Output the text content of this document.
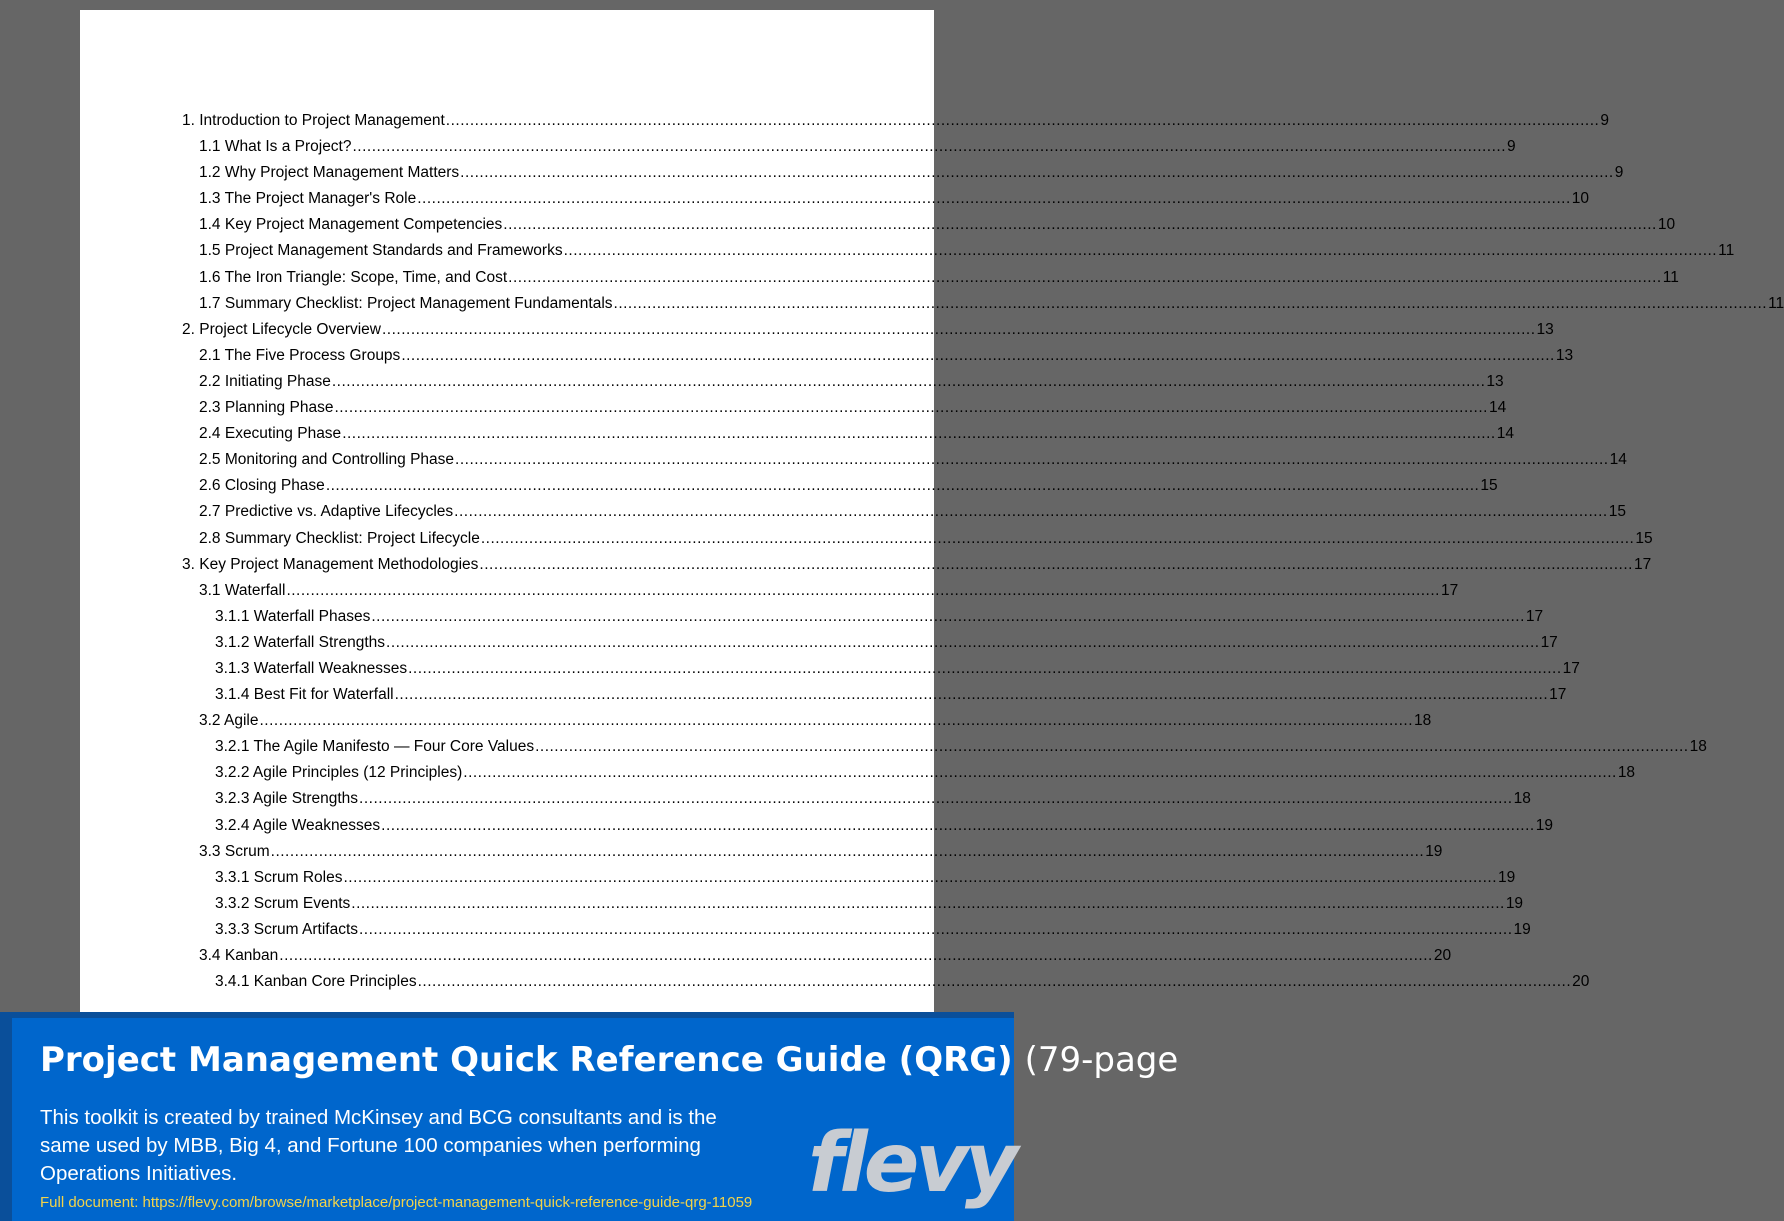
1. Introduction to Project Management .....	9
1.1 What Is a Project? .....	9
1.2 Why Project Management Matters .....	9
1.3 The Project Manager's Role .....	10
1.4 Key Project Management Competencies .....	10
1.5 Project Management Standards and Frameworks .....	11
1.6 The Iron Triangle: Scope, Time, and Cost .....	11
1.7 Summary Checklist: Project Management Fundamentals .....	11
2. Project Lifecycle Overview .....	13
2.1 The Five Process Groups .....	13
2.2 Initiating Phase .....	13
2.3 Planning Phase .....	14
2.4 Executing Phase .....	14
2.5 Monitoring and Controlling Phase .....	14
2.6 Closing Phase .....	15
2.7 Predictive vs. Adaptive Lifecycles .....	15
2.8 Summary Checklist: Project Lifecycle .....	15
3. Key Project Management Methodologies .....	17
3.1 Waterfall .....	17
3.1.1 Waterfall Phases .....	17
3.1.2 Waterfall Strengths .....	17
3.1.3 Waterfall Weaknesses .....	17
3.1.4 Best Fit for Waterfall .....	17
3.2 Agile .....	18
3.2.1 The Agile Manifesto — Four Core Values .....	18
3.2.2 Agile Principles (12 Principles) .....	18
3.2.3 Agile Strengths .....	18
3.2.4 Agile Weaknesses .....	19
3.3 Scrum .....	19
3.3.1 Scrum Roles .....	19
3.3.2 Scrum Events .....	19
3.3.3 Scrum Artifacts .....	19
3.4 Kanban .....	20
3.4.1 Kanban Core Principles .....	20
Project Management Quick Reference Guide (QRG) (79-page
This toolkit is created by trained McKinsey and BCG consultants and is the same used by MBB, Big 4, and Fortune 100 companies when performing Operations Initiatives.
Full document: https://flevy.com/browse/marketplace/project-management-quick-reference-guide-qrg-11059 flevy
